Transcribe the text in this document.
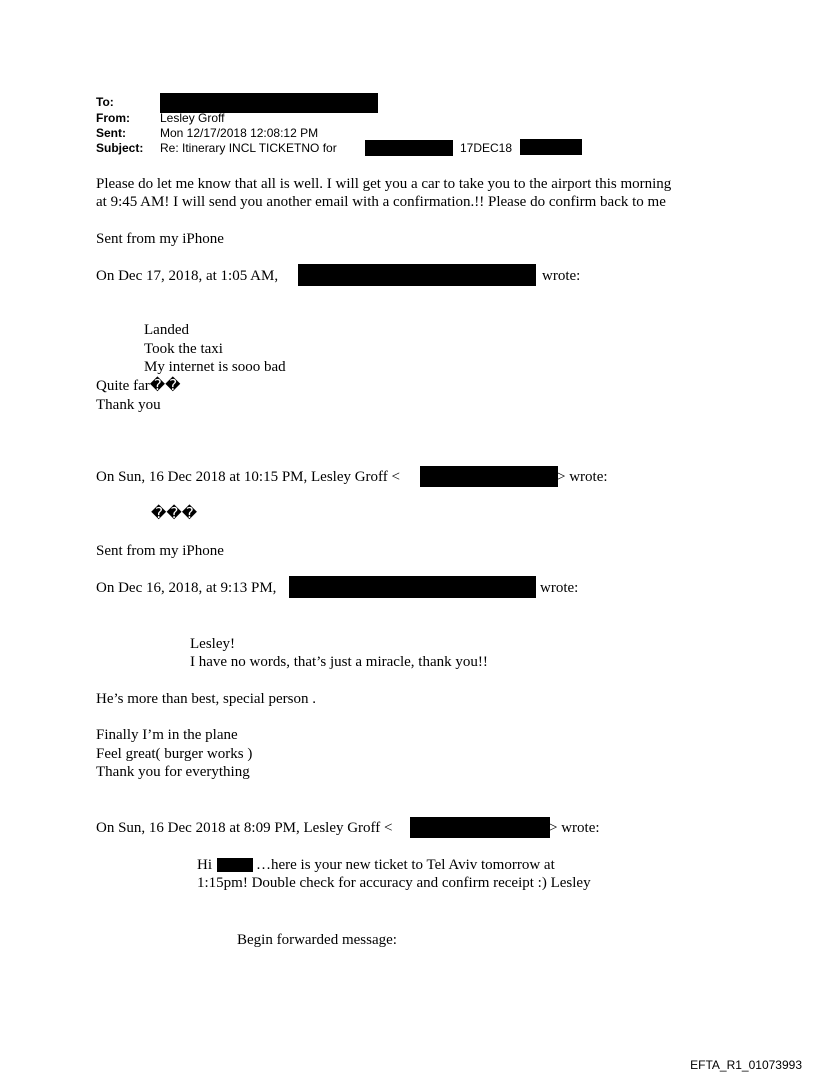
To:
From:	Lesley Groff
Sent:	Mon 12/17/2018 12:08:12 PM
Subject: Re: Itinerary INCL TICKETNO for	17DEC18
Please do let me know that all is well. I will get you a car to take you to the airport this morning
at 9:45 AM! I will send you another email with a confirmation.!! Please do confirm back to me
Sent from my iPhone
On Dec 17, 2018, at 1:05 AM,	wrote:
Landed
Took the taxi
My internet is sooo bad
Quite far��
Thank you
On Sun, 16 Dec 2018 at 10:15 PM, Lesley Groff <	> wrote:
���
Sent from my iPhone
On Dec 16, 2018, at 9:13 PM,	wrote:
Lesley!
I have no words, that’s just a miracle, thank you!!
He’s more than best, special person .
Finally I’m in the plane
Feel great( burger works )
Thank you for everything
On Sun, 16 Dec 2018 at 8:09 PM, Lesley Groff <	> wrote:
Hi	…here is your new ticket to Tel Aviv tomorrow at
1:15pm! Double check for accuracy and confirm receipt :) Lesley
Begin forwarded message:
EFTA_R1_01073993
